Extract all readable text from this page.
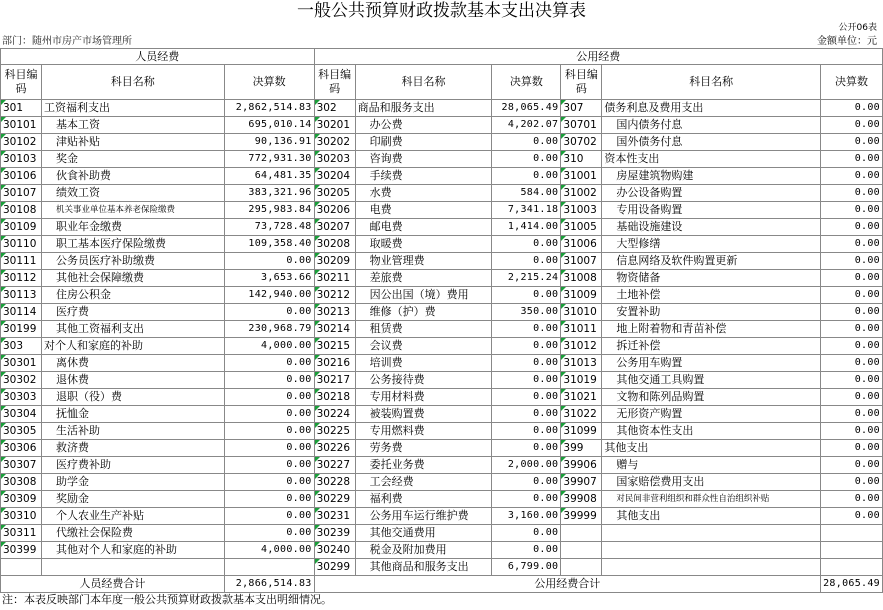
一般公共预算财政拨款基本支出决算表
公开06表
部门：随州市房产市场管理所	金额单位：元
人员经费			公用经费					
科目编码	科目名称	决算数	科目编码	科目名称	决算数	科目编码	科目名称	决算数
301	工资福利支出	2,862,514.83	302	商品和服务支出	28,065.49	307	债务利息及费用支出	0.00
30101	基本工资	695,010.14	30201	办公费	4,202.07	30701	国内债务付息	0.00
30102	津贴补贴	90,136.91	30202	印刷费	0.00	30702	国外债务付息	0.00
30103	奖金	772,931.30	30203	咨询费	0.00	310	资本性支出	0.00
30106	伙食补助费	64,481.35	30204	手续费	0.00	31001	房屋建筑物购建	0.00
30107	绩效工资	383,321.96	30205	水费	584.00	31002	办公设备购置	0.00
30108	机关事业单位基本养老保险缴费	295,983.84	30206	电费	7,341.18	31003	专用设备购置	0.00
30109	职业年金缴费	73,728.48	30207	邮电费	1,414.00	31005	基础设施建设	0.00
30110	职工基本医疗保险缴费	109,358.40	30208	取暖费	0.00	31006	大型修缮	0.00
30111	公务员医疗补助缴费	0.00	30209	物业管理费	0.00	31007	信息网络及软件购置更新	0.00
30112	其他社会保障缴费	3,653.66	30211	差旅费	2,215.24	31008	物资储备	0.00
30113	住房公积金	142,940.00	30212	因公出国（境）费用	0.00	31009	土地补偿	0.00
30114	医疗费	0.00	30213	维修（护）费	350.00	31010	安置补助	0.00
30199	其他工资福利支出	230,968.79	30214	租赁费	0.00	31011	地上附着物和青苗补偿	0.00
303	对个人和家庭的补助	4,000.00	30215	会议费	0.00	31012	拆迁补偿	0.00
30301	离休费	0.00	30216	培训费	0.00	31013	公务用车购置	0.00
30302	退休费	0.00	30217	公务接待费	0.00	31019	其他交通工具购置	0.00
30303	退职（役）费	0.00	30218	专用材料费	0.00	31021	文物和陈列品购置	0.00
30304	抚恤金	0.00	30224	被装购置费	0.00	31022	无形资产购置	0.00
30305	生活补助	0.00	30225	专用燃料费	0.00	31099	其他资本性支出	0.00
30306	救济费	0.00	30226	劳务费	0.00	399	其他支出	0.00
30307	医疗费补助	0.00	30227	委托业务费	2,000.00	39906	赠与	0.00
30308	助学金	0.00	30228	工会经费	0.00	39907	国家赔偿费用支出	0.00
30309	奖励金	0.00	30229	福利费	0.00	39908	对民间非营利组织和群众性自治组织补贴	0.00
30310	个人农业生产补贴	0.00	30231	公务用车运行维护费	3,160.00	39999	其他支出	0.00
30311	代缴社会保险费	0.00	30239	其他交通费用	0.00			
30399	其他对个人和家庭的补助	4,000.00	30240	税金及附加费用	0.00			
			30299	其他商品和服务支出	6,799.00			
人员经费合计		2,866,514.83	公用经费合计					28,065.49
注：本表反映部门本年度一般公共预算财政拨款基本支出明细情况。
